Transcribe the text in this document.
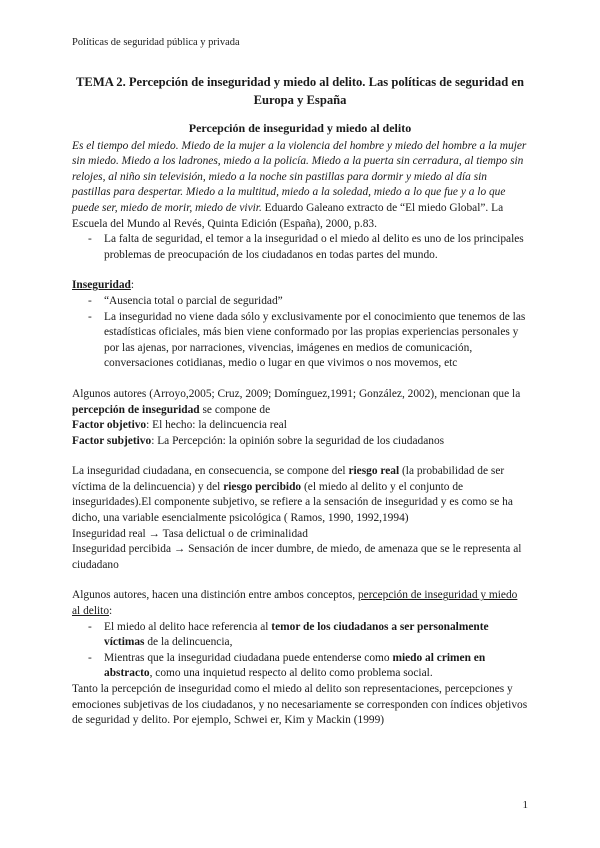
Políticas de seguridad pública y privada
TEMA 2. Percepción de inseguridad y miedo al delito. Las políticas de seguridad en Europa y España

Percepción de inseguridad y miedo al delito

Es el tiempo del miedo. Miedo de la mujer a la violencia del hombre y miedo del hombre a la mujer sin miedo. Miedo a los ladrones, miedo a la policía. Miedo a la puerta sin cerradura, al tiempo sin relojes, al niño sin televisión, miedo a la noche sin pastillas para dormir y miedo al día sin pastillas para despertar. Miedo a la multitud, miedo a la soledad, miedo a lo que fue y a lo que puede ser, miedo de morir, miedo de vivir. Eduardo Galeano extracto de “El miedo Global”. La Escuela del Mundo al Revés, Quinta Edición (España), 2000, p.83.

- La falta de seguridad, el temor a la inseguridad o el miedo al delito es uno de los principales problemas de preocupación de los ciudadanos en todas partes del mundo.

Inseguridad:

- “Ausencia total o parcial de seguridad”
- La inseguridad no viene dada sólo y exclusivamente por el conocimiento que tenemos de las estadísticas oficiales, más bien viene conformado por las propias experiencias personales y por las ajenas, por narraciones, vivencias, imágenes en medios de comunicación, conversaciones cotidianas, medio o lugar en que vivimos o nos movemos, etc

Algunos autores (Arroyo,2005; Cruz, 2009; Domínguez,1991; González, 2002), mencionan que la percepción de inseguridad se compone de

Factor objetivo: El hecho: la delincuencia real

Factor subjetivo: La Percepción: la opinión sobre la seguridad de los ciudadanos

La inseguridad ciudadana, en consecuencia, se compone del riesgo real (la probabilidad de ser víctima de la delincuencia) y del riesgo percibido (el miedo al delito y el conjunto de inseguridades).El componente subjetivo, se refiere a la sensación de inseguridad y es como se ha dicho, una variable esencialmente psicológica ( Ramos, 1990, 1992,1994)

Inseguridad real → Tasa delictual o de criminalidad

Inseguridad percibida → Sensación de incer dumbre, de miedo, de amenaza que se le representa al ciudadano

Algunos autores, hacen una distinción entre ambos conceptos, percepción de inseguridad y miedo al delito:

- El miedo al delito hace referencia al temor de los ciudadanos a ser personalmente víctimas de la delincuencia,
- Mientras que la inseguridad ciudadana puede entenderse como miedo al crimen en abstracto, como una inquietud respecto al delito como problema social.

Tanto la percepción de inseguridad como el miedo al delito son representaciones, percepciones y emociones subjetivas de los ciudadanos, y no necesariamente se corresponden con índices objetivos de seguridad y delito. Por ejemplo, Schwei er, Kim y Mackin (1999)

1
